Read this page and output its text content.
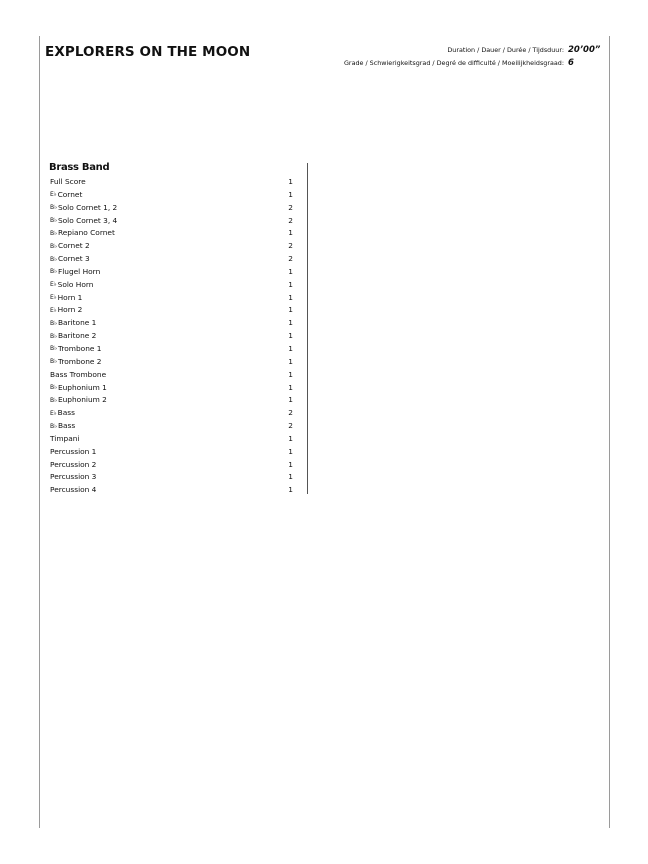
EXPLORERS ON THE MOON	Duration / Dauer / Durée / Tijdsduur: 20’00”
Grade / Schwierigkeitsgrad / Degré de difficulté / Moeilijkheidsgraad: 6
Brass Band
Full Score	1
E♭Cornet	1
B♭Solo Cornet 1, 2	2
B♭Solo Cornet 3, 4	2
B♭Repiano Cornet	1
B♭Cornet 2	2
B♭Cornet 3	2
B♭Flugel Horn	1
E♭Solo Horn	1
E♭Horn 1	1
E♭Horn 2	1
B♭Baritone 1	1
B♭Baritone 2	1
B♭Trombone 1	1
B♭Trombone 2	1
Bass Trombone	1
B♭Euphonium 1	1
B♭Euphonium 2	1
E♭Bass	2
B♭Bass	2
Timpani	1
Percussion 1	1
Percussion 2	1
Percussion 3	1
Percussion 4	1
